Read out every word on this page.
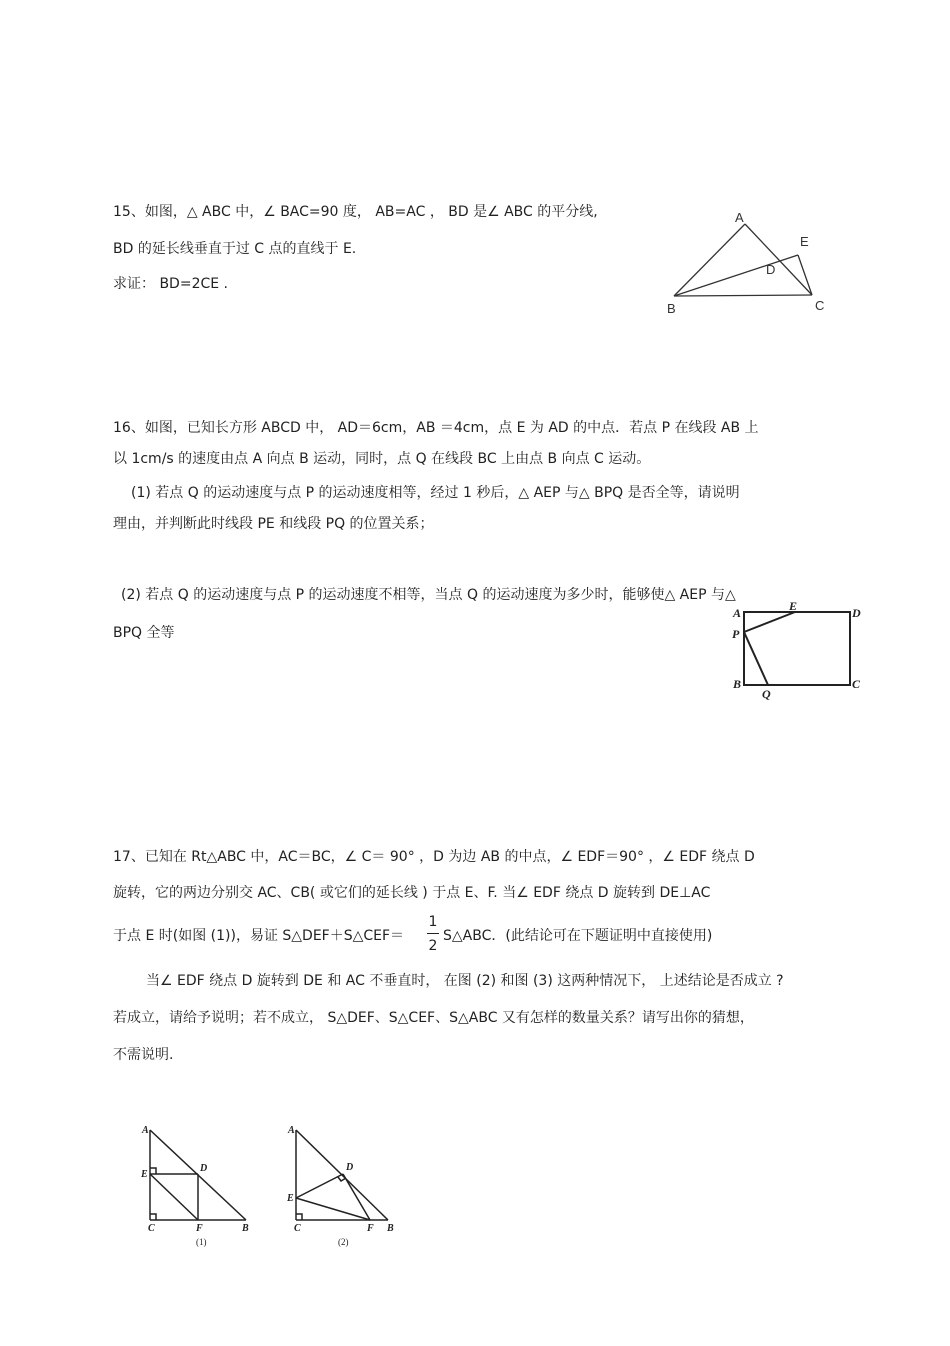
15、如图，△ ABC 中，∠ BAC=90 度， AB=AC ， BD 是∠ ABC 的平分线,
BD 的延长线垂直于过 C 点的直线于 E.
求证： BD=2CE .
A
E
D
B	C
16、如图，已知长方形 ABCD 中， AD＝6cm，AB ＝4cm，点 E 为 AD 的中点．若点 P 在线段 AB 上
以 1cm/s 的速度由点 A 向点 B 运动，同时，点 Q 在线段 BC 上由点 B 向点 C 运动。
(1) 若点 Q 的运动速度与点 P 的运动速度相等，经过 1 秒后，△ AEP 与△ BPQ 是否全等，请说明
理由，并判断此时线段 PE 和线段 PQ 的位置关系；
(2) 若点 Q 的运动速度与点 P 的运动速度不相等，当点 Q 的运动速度为多少时，能够使△ AEP 与△
BPQ 全等
A	E	D
P
B
Q
C
17、已知在 Rt△ABC 中，AC＝BC，∠ C＝ 90° ，D 为边 AB 的中点，∠ EDF＝90° ，∠ EDF 绕点 D
旋转，它的两边分别交 AC、CB( 或它们的延长线 ) 于点 E、F. 当∠ EDF 绕点 D 旋转到 DE⊥AC
于点 E 时(如图 (1))，易证 S△DEF＋S△CEF＝
1
2
S△ABC．(此结论可在下题证明中直接使用)
当∠ EDF 绕点 D 旋转到 DE 和 AC 不垂直时， 在图 (2) 和图 (3) 这两种情况下， 上述结论是否成立 ?
若成立，请给予说明；若不成立， S△DEF、S△CEF、S△ABC 又有怎样的数量关系？请写出你的猜想，
不需说明.
A
E
D
C	F	B
(1)
A
D
E
C	F B
(2)
